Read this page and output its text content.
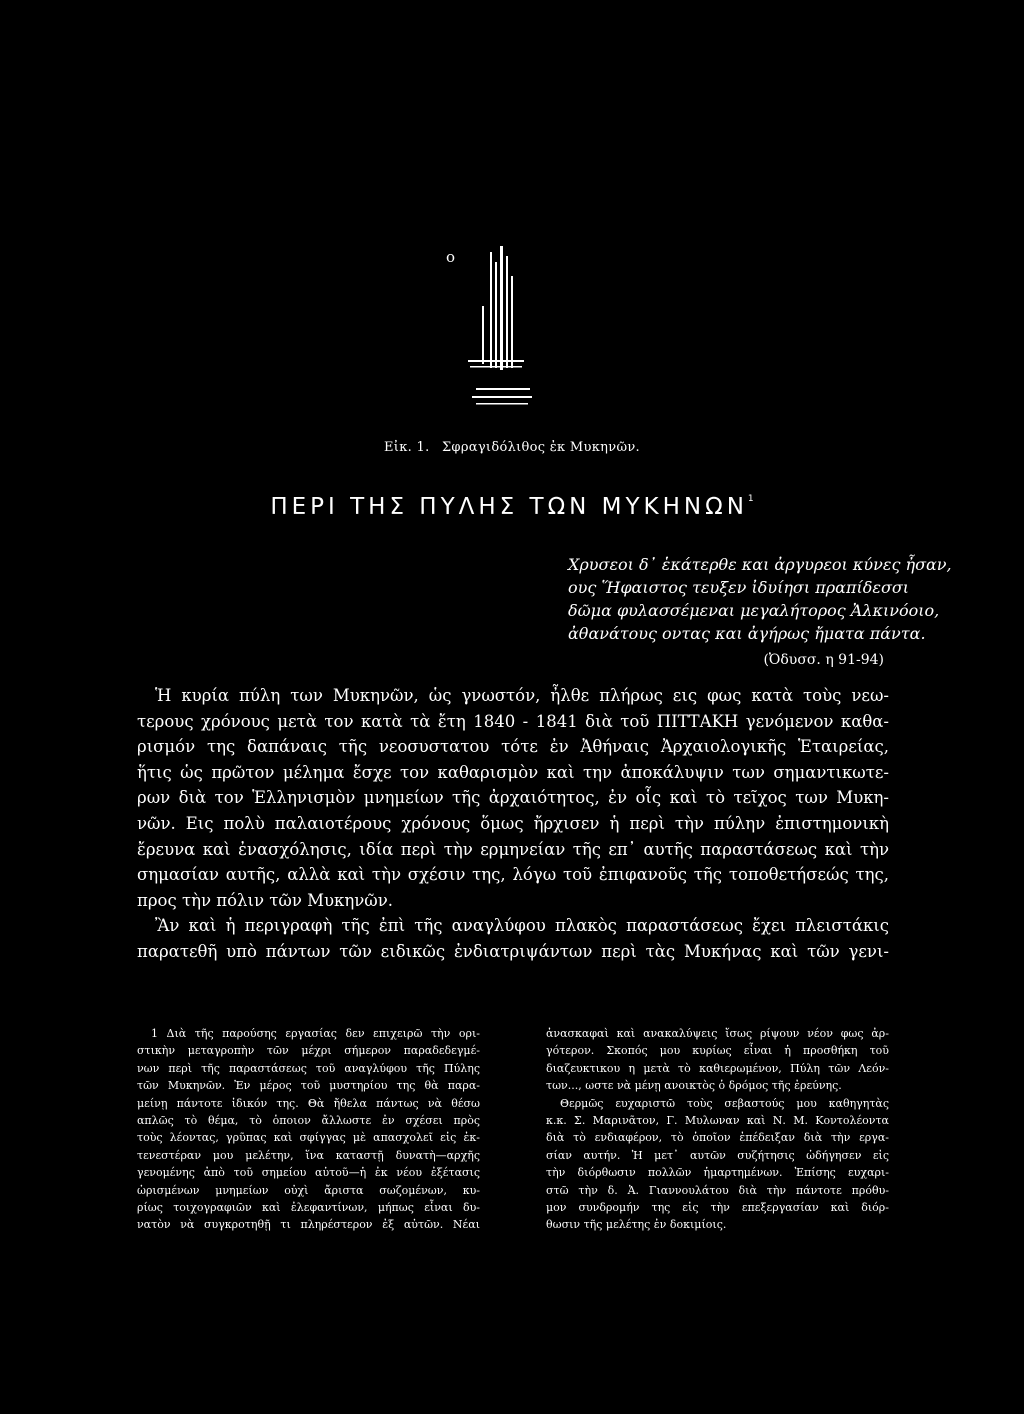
ο
Εἰκ. 1. Σφραγιδόλιθος ἐκ Μυκηνῶν.
ΠΕΡΙ ΤΗΣ ΠΥΛΗΣ ΤΩΝ ΜΥΚΗΝΩΝ$^1$
Χρυσεοι δ᾽ ἑκάτερθε και ἀργυρεοι κύνες ἦσαν,
ους Ἥφαιστος τευξεν ἰδυίησι πραπίδεσσι
δῶμα φυλασσέμεναι μεγαλήτορος Ἀλκινόοιο,
ἀθανάτους οντας και ἀγήρως ἤματα πάντα.
(Ὀδυσσ. η 91-94)
Ἡ κυρία πύλη των Μυκηνῶν, ὡς γνωστόν, ἦλθε πλήρως εις φως κατὰ τοὺς νεω-
τερους χρόνους μετὰ τον κατὰ τὰ ἔτη 1840 - 1841 διὰ τοῦ ΠΙΤΤΑΚΗ γενόμενον καθα-
ρισμόν της δαπάναις τῆς νεοσυστατου τότε ἐν Ἀθήναις Ἀρχαιολογικῆς Ἑταιρείας,
ἥτις ὡς πρῶτον μέλημα ἔσχε τον καθαρισμὸν καὶ την ἀποκάλυψιν των σημαντικωτε-
ρων διὰ τον Ἑλληνισμὸν μνημείων τῆς ἀρχαιότητος, ἐν οἷς καὶ τὸ τεῖχος των Μυκη-
νῶν. Εις πολὺ παλαιοτέρους χρόνους ὅμως ἤρχισεν ἡ περὶ τὴν πύλην ἐπιστημονικὴ
ἔρευνα καὶ ἐνασχόλησις, ιδία περὶ τὴν ερμηνείαν τῆς επ᾽ αυτῆς παραστάσεως καὶ τὴν
σημασίαν αυτῆς, αλλὰ καὶ τὴν σχέσιν της, λόγω τοῦ ἐπιφανοῦς τῆς τοποθετήσεώς της,
προς τὴν πόλιν τῶν Μυκηνῶν.
Ἂν καὶ ἡ περιγραφὴ τῆς ἐπὶ τῆς αναγλύφου πλακὸς παραστάσεως ἔχει πλειστάκις
παρατεθῆ υπὸ πάντων τῶν ειδικῶς ἐνδιατριψάντων περὶ τὰς Μυκήνας καὶ τῶν γενι-
1 Διὰ τῆς παρούσης εργασίας δεν επιχειρῶ τὴν ορι-
στικὴν μεταγροπὴν τῶν μέχρι σήμερον παραδεδεγμέ-
νων περὶ τῆς παραστάσεως τοῦ αναγλύφου τῆς Πύλης
τῶν Μυκηνῶν. Ἐν μέρος τοῦ μυστηρίου της θὰ παρα-
μείνῃ πάντοτε ἰδικόν της. Θὰ ἤθελα πάντως νὰ θέσω
απλῶς τὸ θέμα, τὸ ὁποιον ἄλλωστε ἐν σχέσει πρὸς
τοὺς λέοντας, γρῦπας καὶ σφίγγας μὲ απασχολεῖ εἰς ἐκ-
τενεστέραν μου μελέτην, ἵνα καταστῇ δυνατὴ—αρχῆς
γενομένης ἀπὸ τοῦ σημείου αὐτοῦ—ἡ ἐκ νέου ἐξέτασις
ὡρισμένων μνημείων οὐχὶ ἄριστα σωζομένων, κυ-
ρίως τοιχογραφιῶν καὶ ἐλεφαντίνων, μήπως εἶναι δυ-
νατὸν νὰ συγκροτηθῇ τι πληρέστερον ἐξ αὐτῶν. Νέαι
ἀνασκαφαὶ καὶ ανακαλύψεις ἴσως ρίψουν νέον φως ἀρ-
γότερον. Σκοπός μου κυρίως εἶναι ἡ προσθήκη τοῦ
διαζευκτικου η μετὰ τὸ καθιερωμένον, Πύλη τῶν Λεόν-
των..., ωστε νὰ μένῃ ανοικτὸς ὁ δρόμος τῆς ἐρεύνης.
Θερμῶς ευχαριστῶ τοὺς σεβαστούς μου καθηγητὰς
κ.κ. Σ. Μαρινᾶτον, Γ. Μυλωναν καὶ Ν. Μ. Κοντολέοντα
διὰ τὸ ενδιαφέρον, τὸ ὁποῖον ἐπέδειξαν διὰ τὴν εργα-
σίαν αυτήν. Ἡ μετ᾽ αυτῶν συζήτησις ὠδήγησεν εἰς
τὴν διόρθωσιν πολλῶν ἡμαρτημένων. Ἐπίσης ευχαρι-
στῶ τὴν δ. Ἀ. Γιαννουλάτου διὰ τὴν πάντοτε πρόθυ-
μον συνδρομήν της εἰς τὴν επεξεργασίαν καὶ διόρ-
θωσιν τῆς μελέτης ἐν δοκιμίοις.
